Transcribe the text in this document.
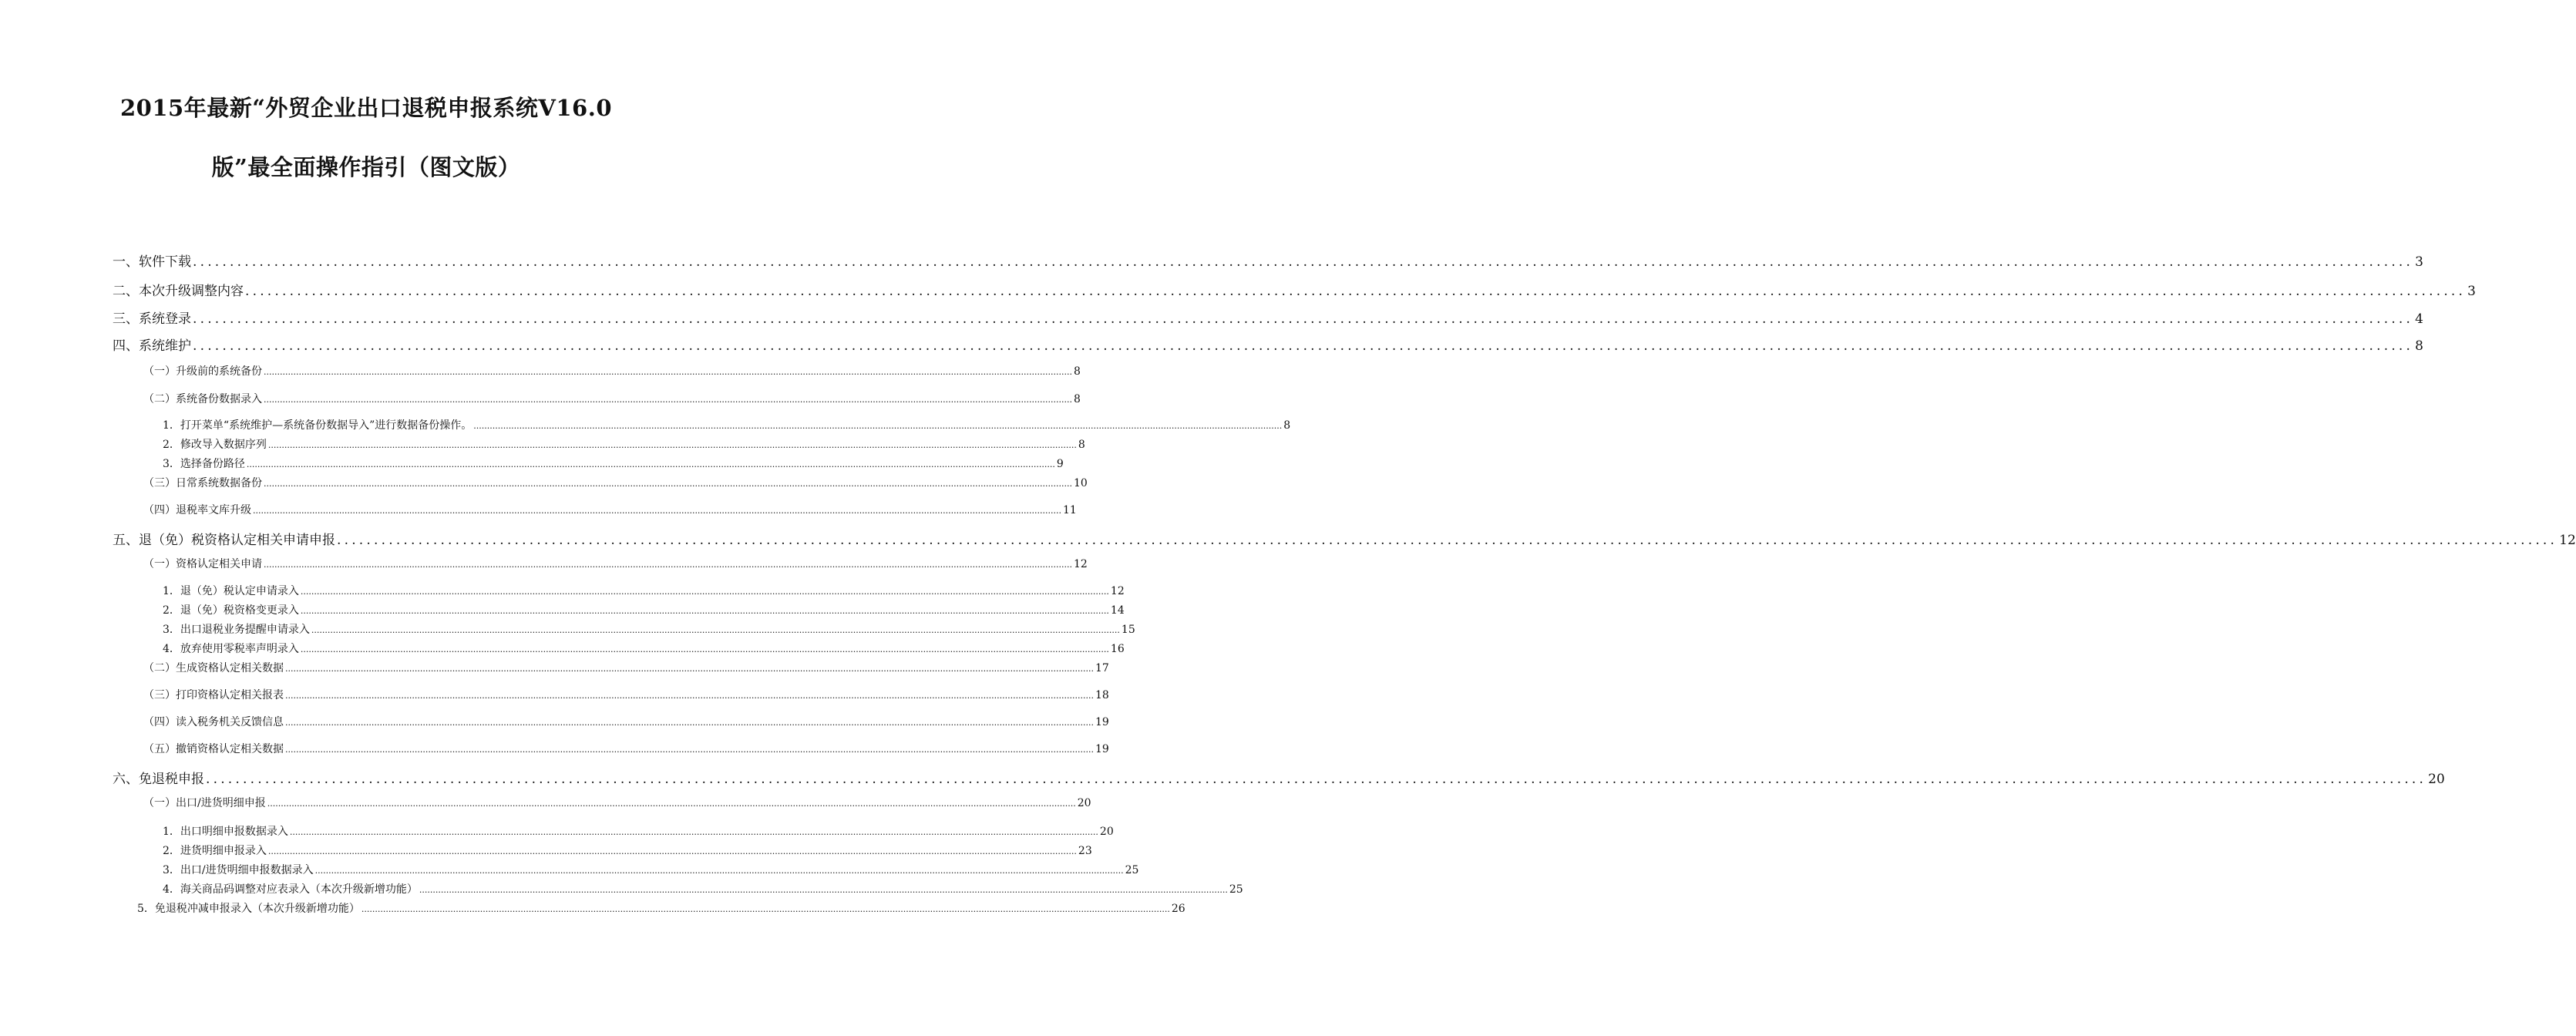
2015年最新“外贸企业出口退税申报系统V16.0
版”最全面操作指引（图文版）
一、软件下载 ............................................................................................................................................................................................................................................................................................................ 3
二、本次升级调整内容 ............................................................................................................................................................................................................................................................................................................ 3
三、系统登录 ............................................................................................................................................................................................................................................................................................................ 4
四、系统维护 ............................................................................................................................................................................................................................................................................................................ 8
（一）升级前的系统备份 ............................................................................................................................................................................................................................................................................................................ 8
（二）系统备份数据录入 ............................................................................................................................................................................................................................................................................................................ 8
1．打开菜单“系统维护—系统备份数据导入”进行数据备份操作。 ............................................................................................................................................................................................................................................................................................................ 8
2．修改导入数据序列 ............................................................................................................................................................................................................................................................................................................ 8
3．选择备份路径 ............................................................................................................................................................................................................................................................................................................ 9
（三）日常系统数据备份 ............................................................................................................................................................................................................................................................................................................ 10
（四）退税率文库升级 ............................................................................................................................................................................................................................................................................................................ 11
五、退（免）税资格认定相关申请申报 ............................................................................................................................................................................................................................................................................................................ 12
（一）资格认定相关申请 ............................................................................................................................................................................................................................................................................................................ 12
1．退（免）税认定申请录入 ............................................................................................................................................................................................................................................................................................................ 12
2．退（免）税资格变更录入 ............................................................................................................................................................................................................................................................................................................ 14
3．出口退税业务提醒申请录入 ............................................................................................................................................................................................................................................................................................................ 15
4．放弃使用零税率声明录入 ............................................................................................................................................................................................................................................................................................................ 16
（二）生成资格认定相关数据 ............................................................................................................................................................................................................................................................................................................ 17
（三）打印资格认定相关报表 ............................................................................................................................................................................................................................................................................................................ 18
（四）读入税务机关反馈信息 ............................................................................................................................................................................................................................................................................................................ 19
（五）撤销资格认定相关数据 ............................................................................................................................................................................................................................................................................................................ 19
六、免退税申报 ............................................................................................................................................................................................................................................................................................................ 20
（一）出口/进货明细申报 ............................................................................................................................................................................................................................................................................................................ 20
1．出口明细申报数据录入 ............................................................................................................................................................................................................................................................................................................ 20
2．进货明细申报录入 ............................................................................................................................................................................................................................................................................................................ 23
3．出口/进货明细申报数据录入 ............................................................................................................................................................................................................................................................................................................ 25
4．海关商品码调整对应表录入（本次升级新增功能） ............................................................................................................................................................................................................................................................................................................ 25
5．免退税冲减申报录入（本次升级新增功能） ............................................................................................................................................................................................................................................................................................................ 26
